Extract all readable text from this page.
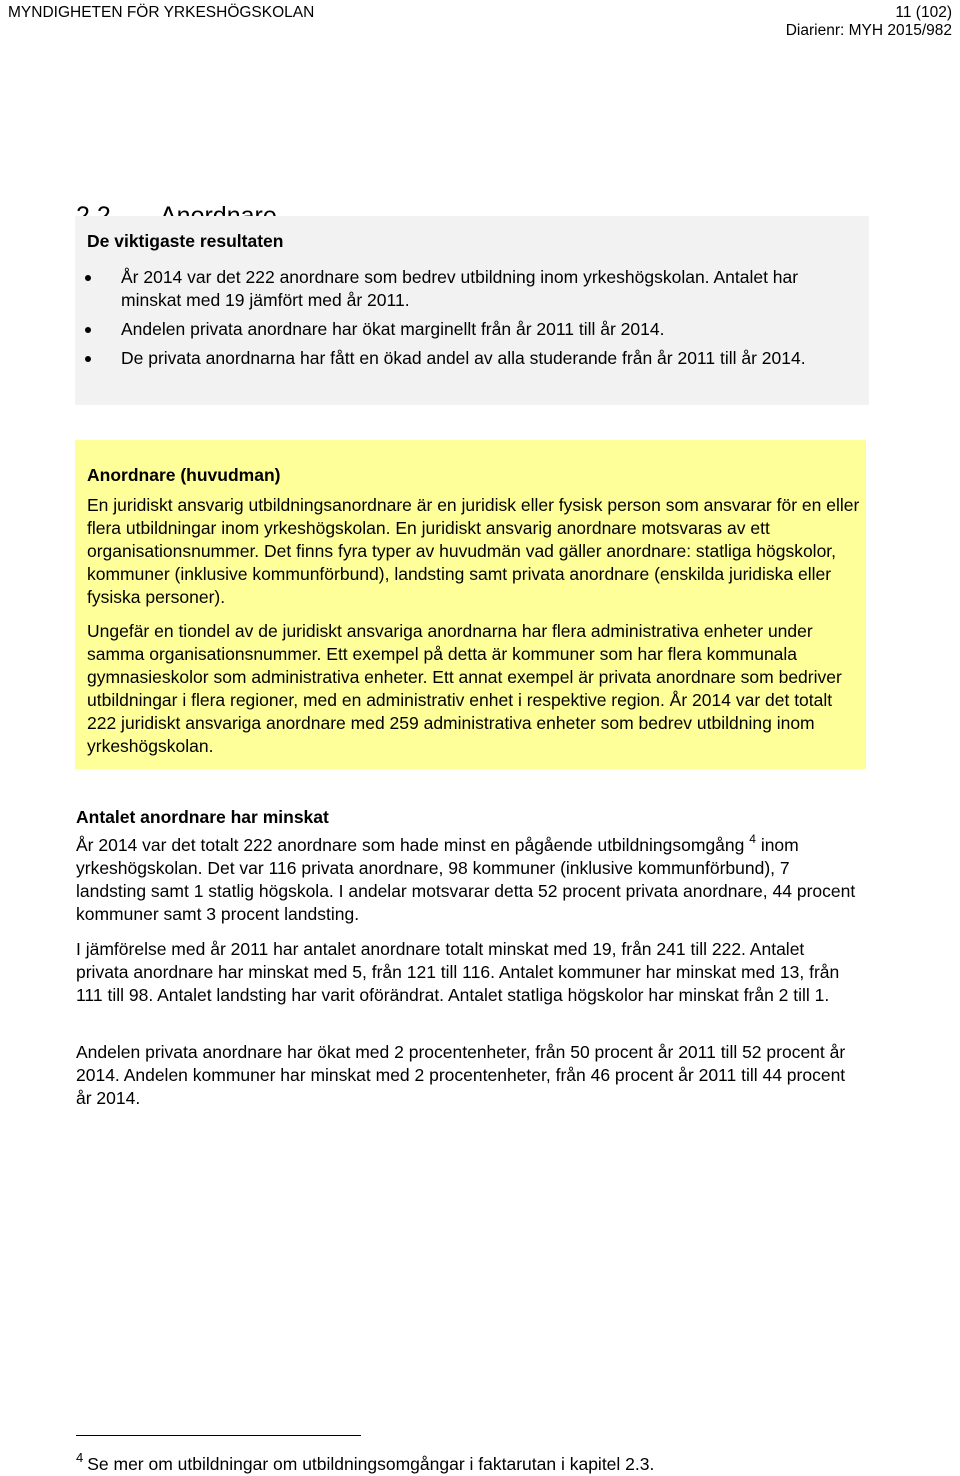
MYNDIGHETEN FÖR YRKESHÖGSKOLAN	11 (102)
Diarienr: MYH 2015/982
De viktigaste resultaten
År 2014 var det 222 anordnare som bedrev utbildning inom yrkeshögskolan. Antalet har minskat med 19 jämfört med år 2011.
Andelen privata anordnare har ökat marginellt från år 2011 till år 2014.
De privata anordnarna har fått en ökad andel av alla studerande från år 2011 till år 2014.
Anordnare (huvudman)

En juridiskt ansvarig utbildningsanordnare är en juridisk eller fysisk person som ansvarar för en eller flera utbildningar inom yrkeshögskolan. En juridiskt ansvarig anordnare motsvaras av ett organisationsnummer. Det finns fyra typer av huvudmän vad gäller anordnare: statliga högskolor, kommuner (inklusive kommunförbund), landsting samt privata anordnare (enskilda juridiska eller fysiska personer).

Ungefär en tiondel av de juridiskt ansvariga anordnarna har flera administrativa enheter under samma organisationsnummer. Ett exempel på detta är kommuner som har flera kommunala gymnasieskolor som administrativa enheter. Ett annat exempel är privata anordnare som bedriver utbildningar i flera regioner, med en administrativ enhet i respektive region. År 2014 var det totalt 222 juridiskt ansvariga anordnare med 259 administrativa enheter som bedrev utbildning inom yrkeshögskolan.

Antalet anordnare har minskat

År 2014 var det totalt 222 anordnare som hade minst en pågående utbildningsomgång $^4$ inom yrkeshögskolan. Det var 116 privata anordnare, 98 kommuner (inklusive kommunförbund), 7 landsting samt 1 statlig högskola. I andelar motsvarar detta 52 procent privata anordnare, 44 procent kommuner samt 3 procent landsting.

I jämförelse med år 2011 har antalet anordnare totalt minskat med 19, från 241 till 222. Antalet privata anordnare har minskat med 5, från 121 till 116. Antalet kommuner har minskat med 13, från 111 till 98. Antalet landsting har varit oförändrat. Antalet statliga högskolor har minskat från 2 till 1.

Andelen privata anordnare har ökat med 2 procentenheter, från 50 procent år 2011 till 52 procent år 2014. Andelen kommuner har minskat med 2 procentenheter, från 46 procent år 2011 till 44 procent år 2014.

$^4$ Se mer om utbildningar om utbildningsomgångar i faktarutan i kapitel 2.3.
